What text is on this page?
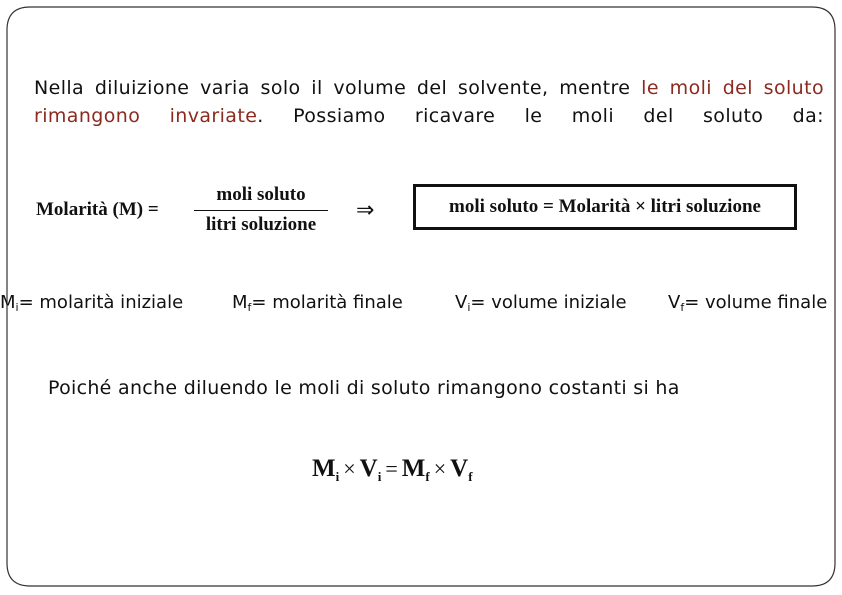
Nella diluizione varia solo il volume del solvente, mentre le moli del soluto rimangono invariate. Possiamo ricavare le moli del soluto da:

Molarità (M) =
moli soluto
litri soluzione
⇒	moli soluto = Molarità × litri soluzione
$M_i=$ molarità iniziale	$M_f=$ molarità finale	$V_i=$ volume iniziale $V_f=$ volume finale
Poiché anche diluendo le moli di soluto rimangono costanti si ha
$M_i \times V_i = M_f \times V_f$
